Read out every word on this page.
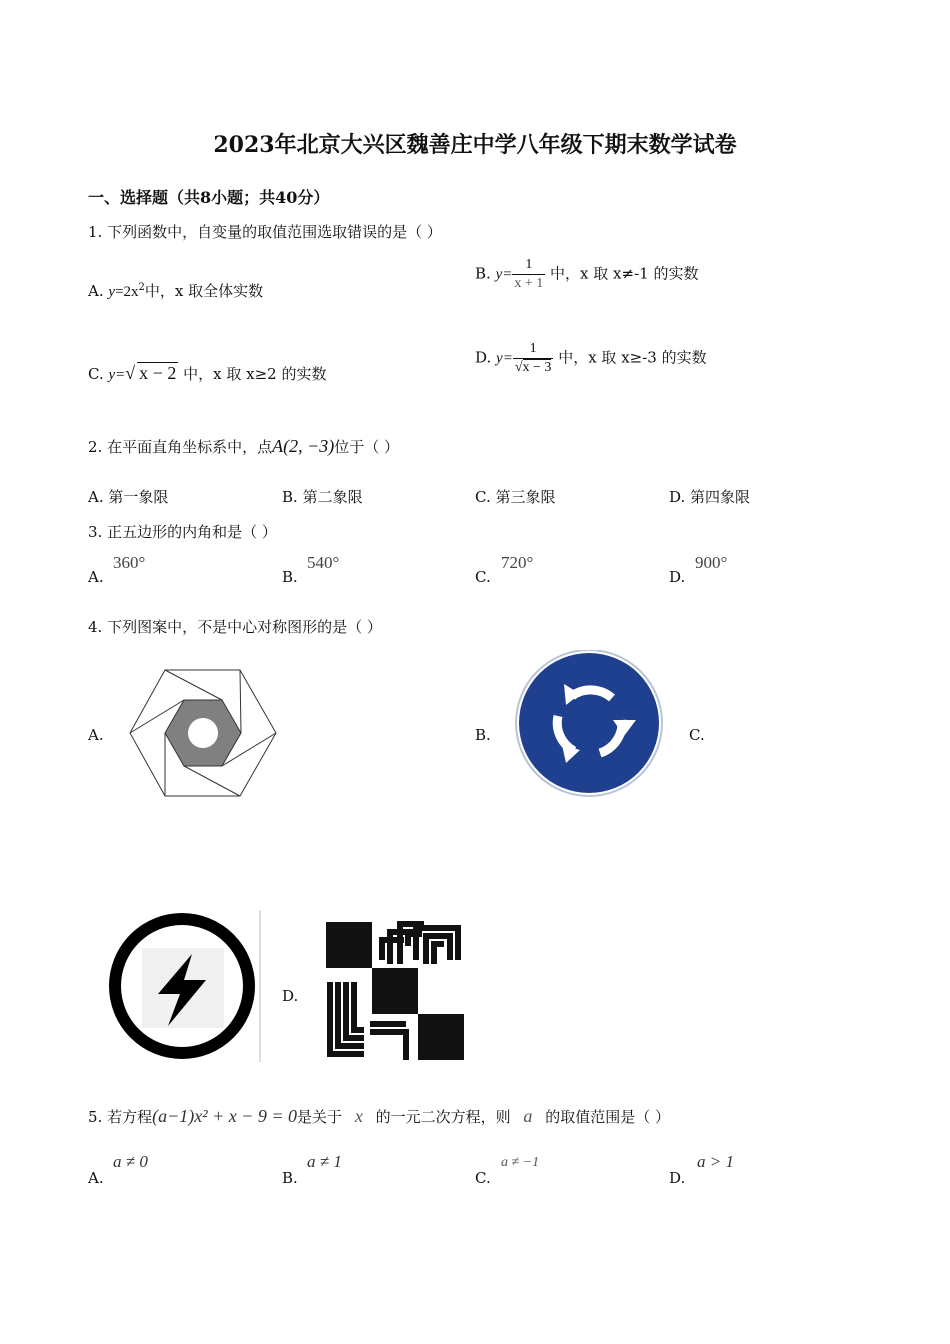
2023年北京大兴区魏善庄中学八年级下期末数学试卷
一、选择题（共8小题；共40分）
1. 下列函数中，自变量的取值范围选取错误的是（ ）
A. $y=2x^2$中，x 取全体实数
B. $y= \frac{1}{x + 1}$ 中，x 取 x≠-1 的实数
C. y=√ x − 2 中，x 取 x≥2 的实数
D. $y= \frac{1}{√x - 3}$ 中，x 取 x≥-3 的实数
2. 在平面直角坐标系中，点A(2, −3)位于（ ）
A. 第一象限	B. 第二象限	C. 第三象限	D. 第四象限
3. 正五边形的内角和是（ ）
A.
360°
B.
540°
C.
720°
D.
900°
4. 下列图案中，不是中心对称图形的是（ ）
A.	B.	C.
D.
5. 若方程(a−1)x² + x − 9 = 0是关于 x 的一元二次方程，则 a 的取值范围是（ ）
A.
a ≠ 0
B.
a ≠ 1
C.
a ≠ −1
D.
a > 1
